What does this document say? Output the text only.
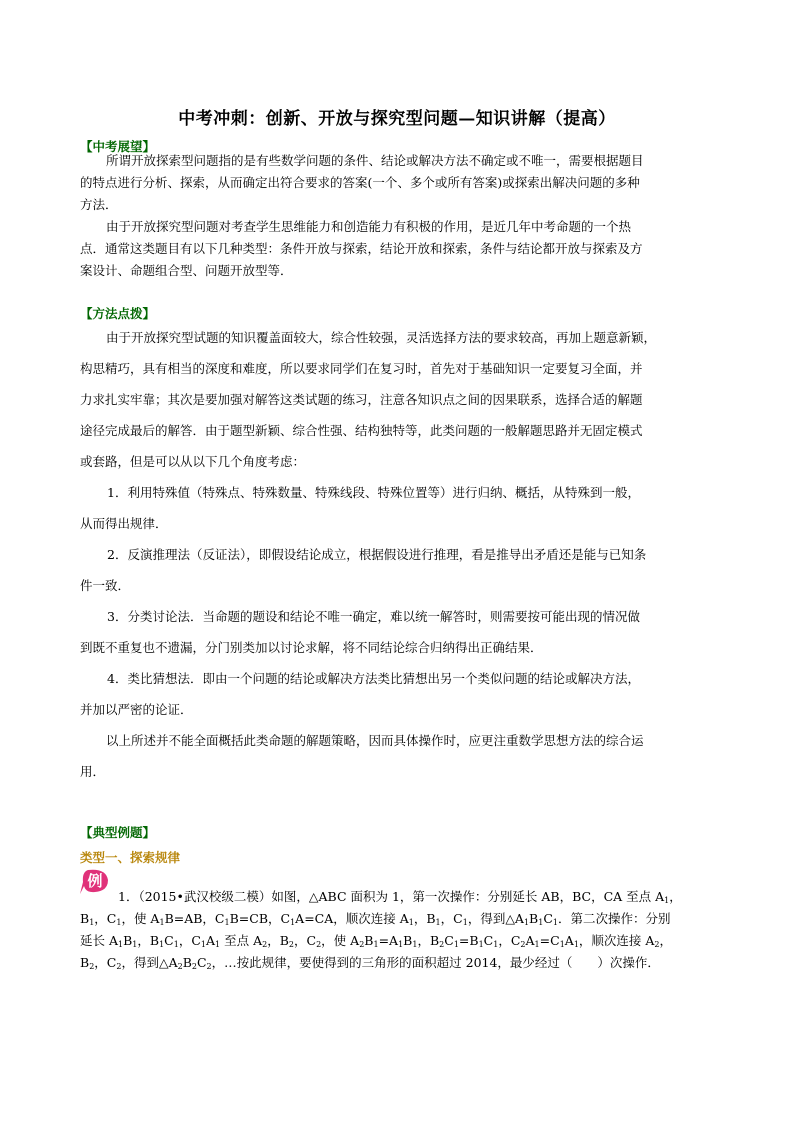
中考冲刺：创新、开放与探究型问题—知识讲解（提高）
【中考展望】

所谓开放探索型问题指的是有些数学问题的条件、结论或解决方法不确定或不唯一，需要根据题目

的特点进行分析、探索，从而确定出符合要求的答案(一个、多个或所有答案)或探索出解决问题的多种

方法．

由于开放探究型问题对考查学生思维能力和创造能力有积极的作用，是近几年中考命题的一个热

点．通常这类题目有以下几种类型：条件开放与探索，结论开放和探索，条件与结论都开放与探索及方

案设计、命题组合型、问题开放型等．

【方法点拨】

由于开放探究型试题的知识覆盖面较大，综合性较强，灵活选择方法的要求较高，再加上题意新颖，

构思精巧，具有相当的深度和难度，所以要求同学们在复习时，首先对于基础知识一定要复习全面，并

力求扎实牢靠；其次是要加强对解答这类试题的练习，注意各知识点之间的因果联系，选择合适的解题

途径完成最后的解答．由于题型新颖、综合性强、结构独特等，此类问题的一般解题思路并无固定模式

或套路，但是可以从以下几个角度考虑：

1．利用特殊值（特殊点、特殊数量、特殊线段、特殊位置等）进行归纳、概括，从特殊到一般，

从而得出规律．

2．反演推理法（反证法），即假设结论成立，根据假设进行推理，看是推导出矛盾还是能与已知条

件一致．

3．分类讨论法．当命题的题设和结论不唯一确定，难以统一解答时，则需要按可能出现的情况做

到既不重复也不遗漏，分门别类加以讨论求解，将不同结论综合归纳得出正确结果．

4．类比猜想法．即由一个问题的结论或解决方法类比猜想出另一个类似问题的结论或解决方法，

并加以严密的论证．

以上所述并不能全面概括此类命题的解题策略，因而具体操作时，应更注重数学思想方法的综合运

用．

【典型例题】
类型一、探索规律
例

1．（2015•武汉校级二模）如图，△ABC 面积为 1，第一次操作：分别延长 AB，BC，CA 至点 $A_1$，

$B_1$，$C_1$，使 $A_1B=AB$，$C_1B=CB$，$C_1A=CA$，顺次连接 $A_1$，$B_1$，$C_1$，得到$\triangle A_1B_1C_1$．第二次操作：分别

延长 $A_1B_1$，$B_1C_1$，$C_1A_1$ 至点 $A_2$，$B_2$，$C_2$，使 $A_2B_1=A_1B_1$，$B_2C_1=B_1C_1$，$C_2A_1=C_1A_1$，顺次连接 $A_2$，

$B_2$，$C_2$，得到$\triangle A_2B_2C_2$，…按此规律，要使得到的三角形的面积超过 2014，最少经过（　　）次操作．
